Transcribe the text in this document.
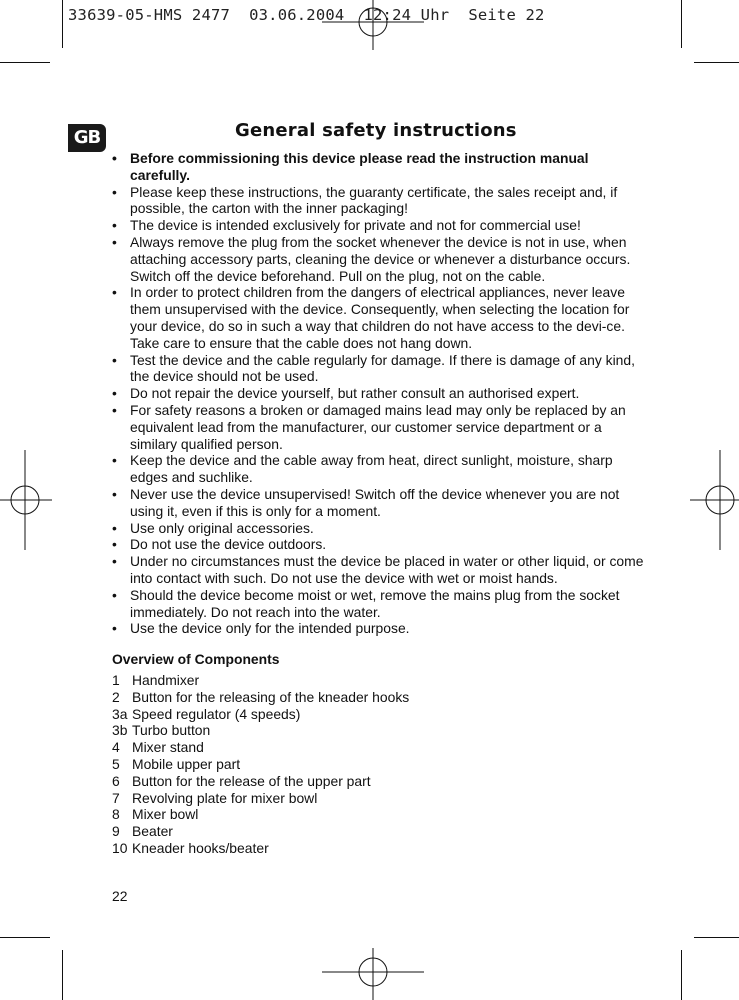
33639-05-HMS 2477  03.06.2004  12:24 Uhr  Seite 22
GB	General safety instructions
• Before commissioning this device please read the instruction manual carefully.
• Please keep these instructions, the guaranty certificate, the sales receipt and, if possible, the carton with the inner packaging!
• The device is intended exclusively for private and not for commercial use!
• Always remove the plug from the socket whenever the device is not in use, when attaching accessory parts, cleaning the device or whenever a disturbance occurs. Switch off the device beforehand. Pull on the plug, not on the cable.
• In order to protect children from the dangers of electrical appliances, never leave them unsupervised with the device. Consequently, when selecting the location for your device, do so in such a way that children do not have access to the devi-ce. Take care to ensure that the cable does not hang down.
• Test the device and the cable regularly for damage. If there is damage of any kind, the device should not be used.
• Do not repair the device yourself, but rather consult an authorised expert.
• For safety reasons a broken or damaged mains lead may only be replaced by an equivalent lead from the manufacturer, our customer service department or a similary qualified person.
• Keep the device and the cable away from heat, direct sunlight, moisture, sharp edges and suchlike.
• Never use the device unsupervised! Switch off the device whenever you are not using it, even if this is only for a moment.
• Use only original accessories.
• Do not use the device outdoors.
• Under no circumstances must the device be placed in water or other liquid, or come into contact with such. Do not use the device with wet or moist hands.
• Should the device become moist or wet, remove the mains plug from the socket immediately. Do not reach into the water.
• Use the device only for the intended purpose.
Overview of Components
1 Handmixer
2 Button for the releasing of the kneader hooks
3a Speed regulator (4 speeds)
3b Turbo button
4 Mixer stand
5 Mobile upper part
6 Button for the release of the upper part
7 Revolving plate for mixer bowl
8 Mixer bowl
9 Beater
10 Kneader hooks/beater
22
